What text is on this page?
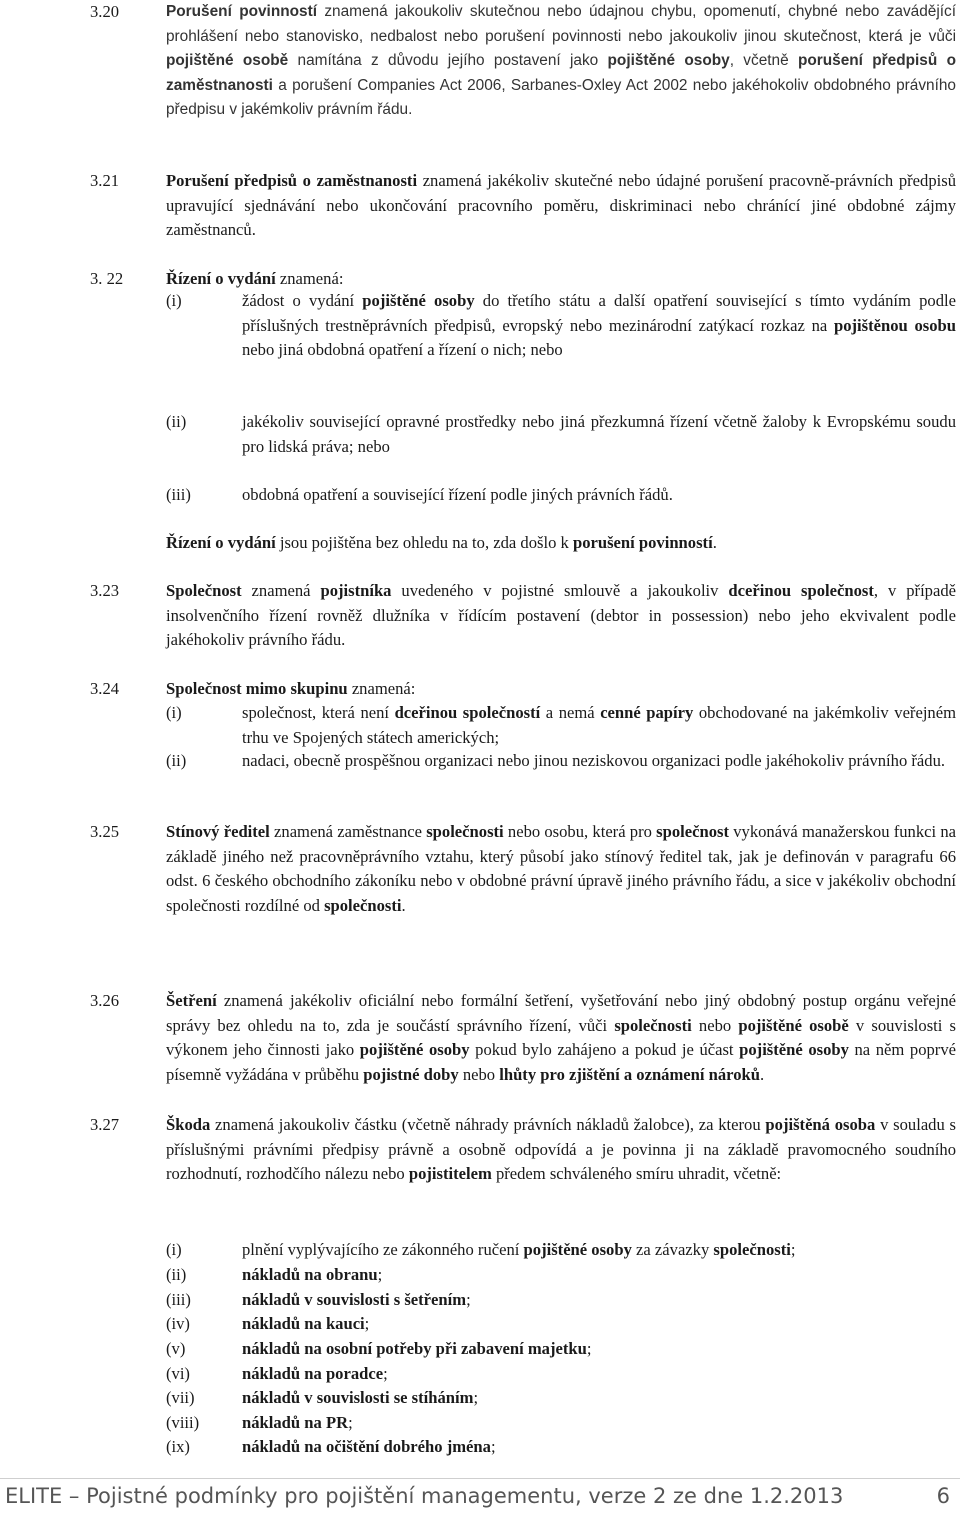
3.20	Porušení povinností znamená jakoukoliv skutečnou nebo údajnou chybu, opomenutí, chybné nebo zavádějící prohlášení nebo stanovisko, nedbalost nebo porušení povinnosti nebo jakoukoliv jinou skutečnost, která je vůči pojištěné osobě namítána z důvodu jejího postavení jako pojištěné osoby, včetně porušení předpisů o zaměstnanosti a porušení Companies Act 2006, Sarbanes-Oxley Act 2002 nebo jakéhokoliv obdobného právního předpisu v jakémkoliv právním řádu.
3.21	Porušení předpisů o zaměstnanosti znamená jakékoliv skutečné nebo údajné porušení pracovně-právních předpisů upravující sjednávání nebo ukončování pracovního poměru, diskriminaci nebo chránící jiné obdobné zájmy zaměstnanců.
3. 22	Řízení o vydání znamená:
(i)	žádost o vydání pojištěné osoby do třetího státu a další opatření související s tímto vydáním podle příslušných trestněprávních předpisů, evropský nebo mezinárodní zatýkací rozkaz na pojištěnou osobu nebo jiná obdobná opatření a řízení o nich; nebo
(ii)	jakékoliv související opravné prostředky nebo jiná přezkumná řízení včetně žaloby k Evropskému soudu pro lidská práva; nebo
(iii)	obdobná opatření a související řízení podle jiných právních řádů.
Řízení o vydání jsou pojištěna bez ohledu na to, zda došlo k porušení povinností.
3.23	Společnost znamená pojistníka uvedeného v pojistné smlouvě a jakoukoliv dceřinou společnost, v případě insolvenčního řízení rovněž dlužníka v řídícím postavení (debtor in possession) nebo jeho ekvivalent podle jakéhokoliv právního řádu.
3.24	Společnost mimo skupinu znamená:
(i)	společnost, která není dceřinou společností a nemá cenné papíry obchodované na jakémkoliv veřejném trhu ve Spojených státech amerických;
(ii)	nadaci, obecně prospěšnou organizaci nebo jinou neziskovou organizaci podle jakéhokoliv právního řádu.
3.25	Stínový ředitel znamená zaměstnance společnosti nebo osobu, která pro společnost vykonává manažerskou funkci na základě jiného než pracovněprávního vztahu, který působí jako stínový ředitel tak, jak je definován v paragrafu 66 odst. 6 českého obchodního zákoníku nebo v obdobné právní úpravě jiného právního řádu, a sice v jakékoliv obchodní společnosti rozdílné od společnosti.
3.26	Šetření znamená jakékoliv oficiální nebo formální šetření, vyšetřování nebo jiný obdobný postup orgánu veřejné správy bez ohledu na to, zda je součástí správního řízení, vůči společnosti nebo pojištěné osobě v souvislosti s výkonem jeho činnosti jako pojištěné osoby pokud bylo zahájeno a pokud je účast pojištěné osoby na něm poprvé písemně vyžádána v průběhu pojistné doby nebo lhůty pro zjištění a oznámení nároků.
3.27	Škoda znamená jakoukoliv částku (včetně náhrady právních nákladů žalobce), za kterou pojištěná osoba v souladu s příslušnými právními předpisy právně a osobně odpovídá a je povinna ji na základě pravomocného soudního rozhodnutí, rozhodčího nálezu nebo pojistitelem předem schváleného smíru uhradit, včetně:
(i)	plnění vyplývajícího ze zákonného ručení pojištěné osoby za závazky společnosti;
(ii)	nákladů na obranu;
(iii)	nákladů v souvislosti s šetřením;
(iv)	nákladů na kauci;
(v)	nákladů na osobní potřeby při zabavení majetku;
(vi)	nákladů na poradce;
(vii)	nákladů v souvislosti se stíháním;
(viii)	nákladů na PR;
(ix)	nákladů na očištění dobrého jména;
ELITE – Pojistné podmínky pro pojištění managementu, verze 2 ze dne 1.2.2013	6
